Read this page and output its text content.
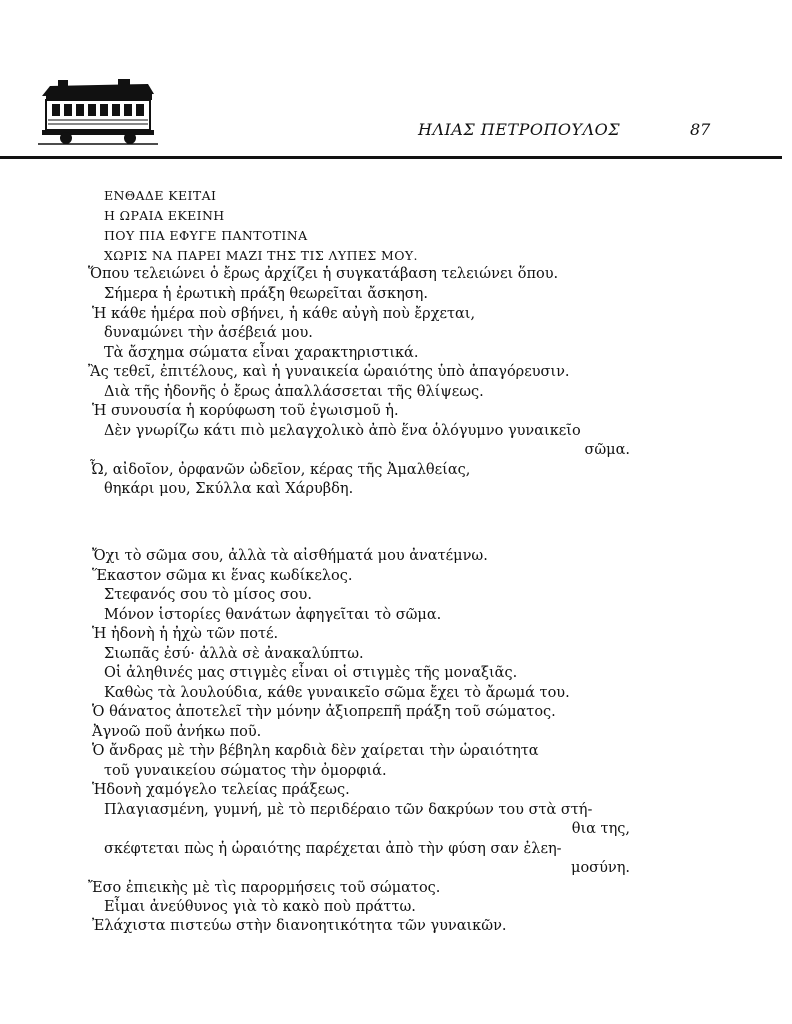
ΗΛΙΑΣ ΠΕΤΡΟΠΟΥΛΟΣ	87
ΕΝΘΑΔΕ ΚΕΙΤΑΙ
Η ΩΡΑΙΑ ΕΚΕΙΝΗ
ΠΟΥ ΠΙΑ ΕΦΥΓΕ ΠΑΝΤΟΤΙΝΑ
ΧΩΡΙΣ ΝΑ ΠΑΡΕΙ ΜΑΖΙ ΤΗΣ ΤΙΣ ΛΥΠΕΣ ΜΟΥ.
Ὅπου τελειώνει ὁ ἔρως ἀρχίζει ἡ συγκατάβαση τελειώνει ὅπου.
Σήμερα ἡ ἐρωτικὴ πράξη θεωρεῖται ἄσκηση.
Ἡ κάθε ἡμέρα ποὺ σβήνει, ἡ κάθε αὐγὴ ποὺ ἔρχεται,
δυναμώνει τὴν ἀσέβειά μου.
Τὰ ἄσχημα σώματα εἶναι χαρακτηριστικά.
Ἂς τεθεῖ, ἐπιτέλους, καὶ ἡ γυναικεία ὡραιότης ὑπὸ ἀπαγόρευσιν.
Διὰ τῆς ἡδονῆς ὁ ἔρως ἀπαλλάσσεται τῆς θλίψεως.
Ἡ συνουσία ἡ κορύφωση τοῦ ἐγωισμοῦ ἡ.
Δὲν γνωρίζω κάτι πιὸ μελαγχολικὸ ἀπὸ ἕνα ὁλόγυμνο γυναικεῖο
σῶμα.
Ὦ, αἰδοῖον, ὀρφανῶν ὠδεῖον, κέρας τῆς Ἀμαλθείας,
θηκάρι μου, Σκύλλα καὶ Χάρυβδη.
Ὄχι τὸ σῶμα σου, ἀλλὰ τὰ αἰσθήματά μου ἀνατέμνω.
Ἕκαστον σῶμα κι ἕνας κωδίκελος.
Στεφανός σου τὸ μίσος σου.
Μόνον ἱστορίες θανάτων ἀφηγεῖται τὸ σῶμα.
Ἡ ἡδονὴ ἡ ἠχὼ τῶν ποτέ.
Σιωπᾶς ἐσύ· ἀλλὰ σὲ ἀνακαλύπτω.
Οἱ ἀληθινές μας στιγμὲς εἶναι οἱ στιγμὲς τῆς μοναξιᾶς.
Καθὼς τὰ λουλούδια, κάθε γυναικεῖο σῶμα ἔχει τὸ ἄρωμά του.
Ὁ θάνατος ἀποτελεῖ τὴν μόνην ἀξιοπρεπῆ πράξη τοῦ σώματος.
Ἀγνοῶ ποῦ ἀνήκω ποῦ.
Ὁ ἄνδρας μὲ τὴν βέβηλη καρδιὰ δὲν χαίρεται τὴν ὡραιότητα
τοῦ γυναικείου σώματος τὴν ὀμορφιά.
Ἡδονὴ χαμόγελο τελείας πράξεως.
Πλαγιασμένη, γυμνή, μὲ τὸ περιδέραιο τῶν δακρύων του στὰ στή-
θια της,
σκέφτεται πὼς ἡ ὡραιότης παρέχεται ἀπὸ τὴν φύση σαν ἐλεη-
μοσύνη.
Ἔσο ἐπιεικὴς μὲ τὶς παρορμήσεις τοῦ σώματος.
Εἶμαι ἀνεύθυνος γιὰ τὸ κακὸ ποὺ πράττω.
Ἐλάχιστα πιστεύω στὴν διανοητικότητα τῶν γυναικῶν.
